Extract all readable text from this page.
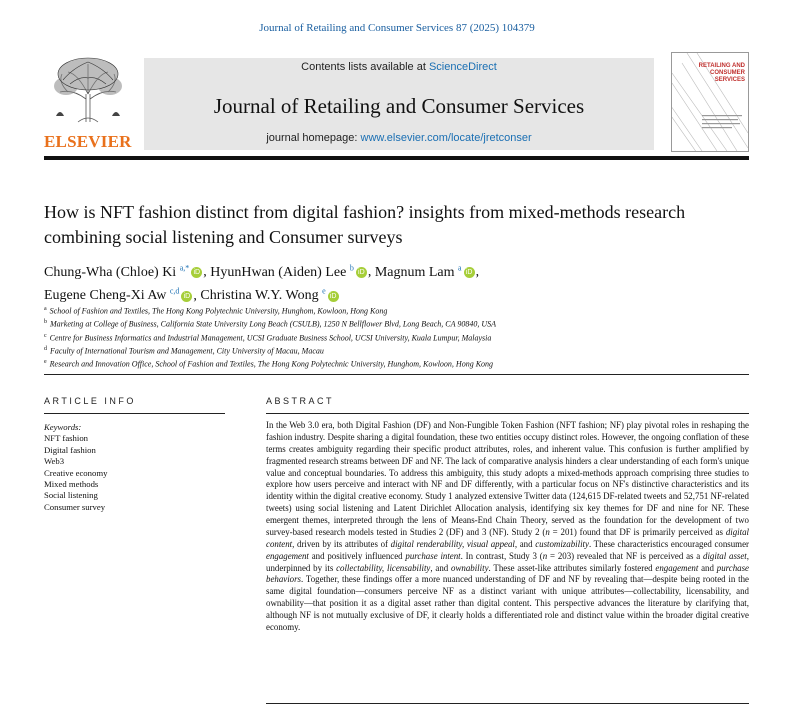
Journal of Retailing and Consumer Services 87 (2025) 104379
ELSEVIER
Contents lists available at ScienceDirect
Journal of Retailing and Consumer Services
journal homepage: www.elsevier.com/locate/jretconser
RETAILING AND CONSUMER SERVICES
How is NFT fashion distinct from digital fashion? insights from mixed-methods research combining social listening and Consumer surveys
Chung-Wha (Chloe) Ki $^{a,*}$iD , HyunHwan (Aiden) Lee $^b$iD , Magnum Lam $^a$iD ,
Eugene Cheng-Xi Aw $^{c,d}$iD , Christina W.Y. Wong $^e$iD
$^a$ School of Fashion and Textiles, The Hong Kong Polytechnic University, Hunghom, Kowloon, Hong Kong
$^b$ Marketing at College of Business, California State University Long Beach (CSULB), 1250 N Bellflower Blvd, Long Beach, CA 90840, USA
$^c$ Centre for Business Informatics and Industrial Management, UCSI Graduate Business School, UCSI University, Kuala Lumpur, Malaysia
$^d$ Faculty of International Tourism and Management, City University of Macau, Macau
$^e$ Research and Innovation Office, School of Fashion and Textiles, The Hong Kong Polytechnic University, Hunghom, Kowloon, Hong Kong
ARTICLE INFO	ABSTRACT
Keywords:
NFT fashion
Digital fashion
Web3
Creative economy
Mixed methods
Social listening
Consumer survey
In the Web 3.0 era, both Digital Fashion (DF) and Non-Fungible Token Fashion (NFT fashion; NF) play pivotal roles in reshaping the fashion industry. Despite sharing a digital foundation, these two entities occupy distinct roles. However, the ongoing conflation of these terms creates ambiguity regarding their specific product attributes, roles, and inherent value. This confusion is further amplified by fragmented research streams between DF and NF. The lack of comparative analysis hinders a clear understanding of each form's unique value and conceptual boundaries. To address this ambiguity, this study adopts a mixed-methods approach comprising three studies to explore how users perceive and interact with NF and DF differently, with a particular focus on NF's distinctive characteristics and its identity within the digital creative economy. Study 1 analyzed extensive Twitter data (124,615 DF-related tweets and 52,751 NF-related tweets) using social listening and Latent Dirichlet Allocation analysis, identifying six key themes for DF and nine for NF. These emergent themes, interpreted through the lens of Means-End Chain Theory, served as the foundation for the development of two survey-based research models tested in Studies 2 (DF) and 3 (NF). Study 2 (n = 201) found that DF is primarily perceived as digital content, driven by its attributes of digital renderability, visual appeal, and customizability. These characteristics encouraged consumer engagement and positively influenced purchase intent. In contrast, Study 3 (n = 203) revealed that NF is perceived as a digital asset, underpinned by its collectability, licensability, and ownability. These asset-like attributes similarly fostered engagement and purchase behaviors. Together, these findings offer a more nuanced understanding of DF and NF by revealing that—despite being rooted in the same digital foundation—consumers perceive NF as a distinct variant with unique attributes—collectability, licensability, and ownability—that position it as a digital asset rather than digital content. This perspective advances the literature by clarifying that, although NF is not mutually exclusive of DF, it clearly holds a differentiated role and distinct value within the broader digital creative economy.
